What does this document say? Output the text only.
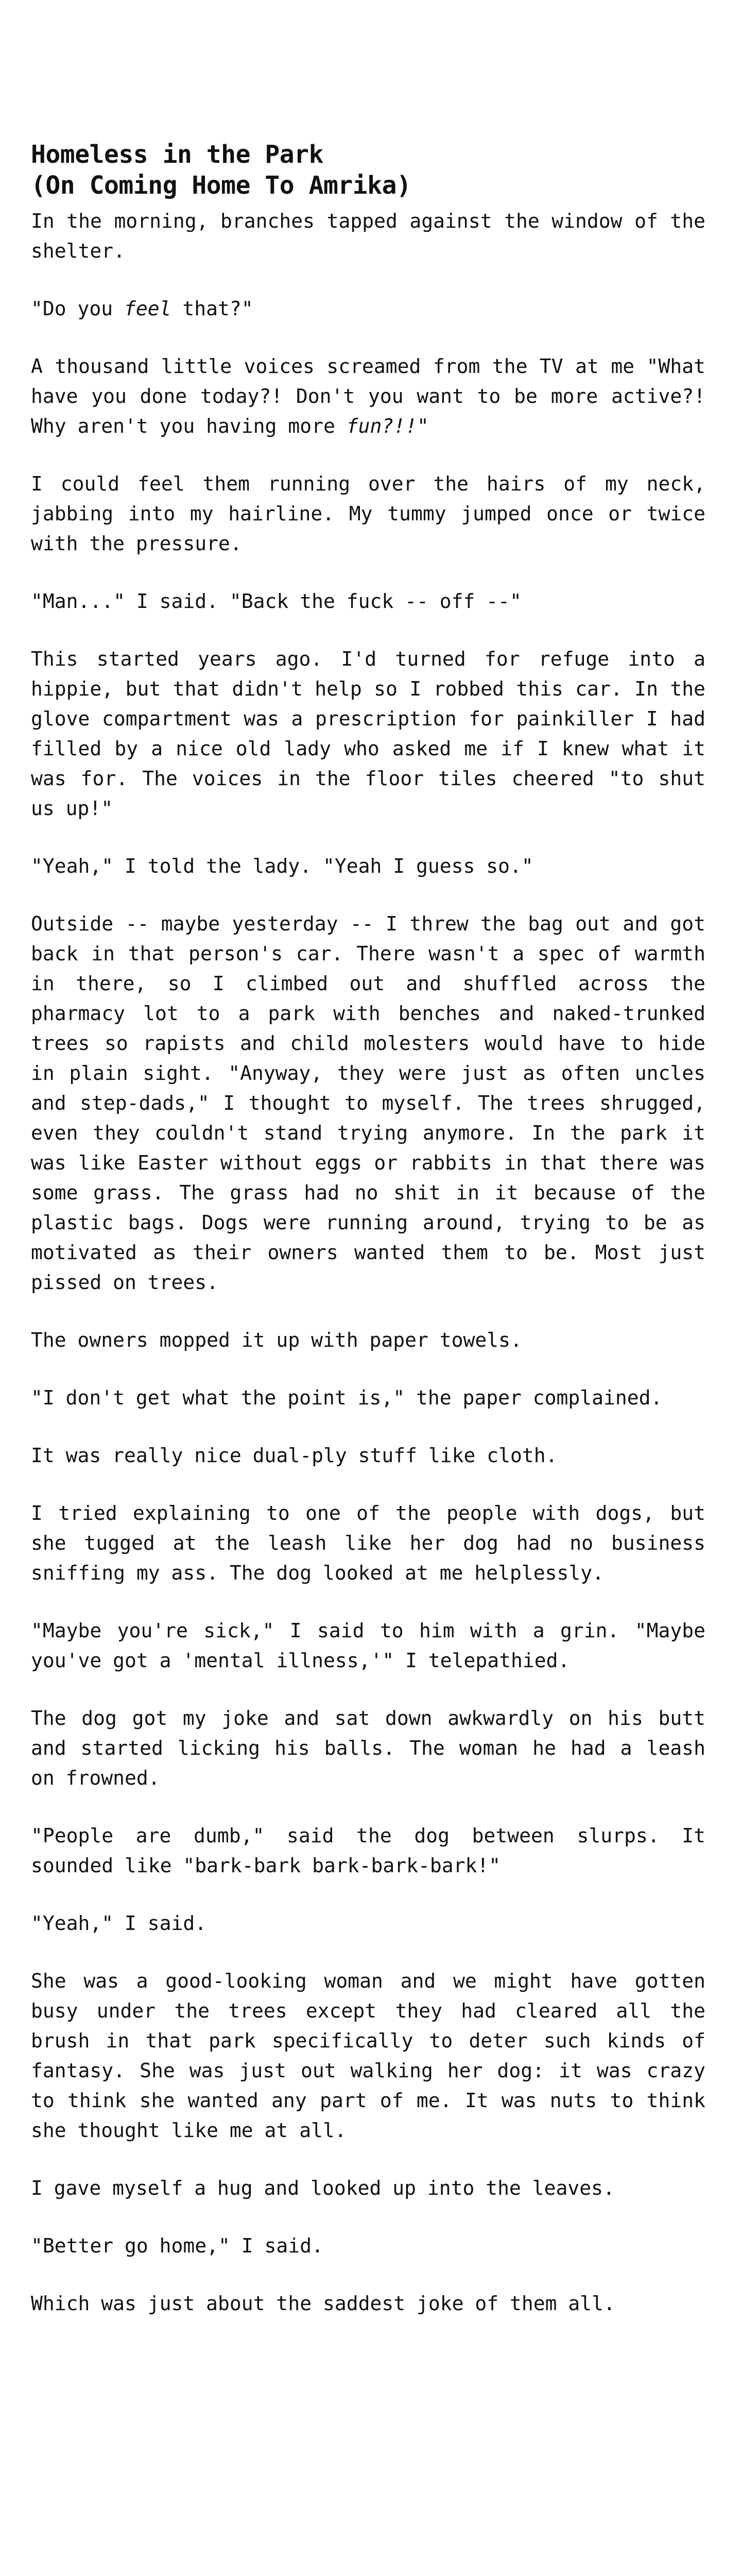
Homeless in the Park
(On Coming Home To Amrika)

In the morning, branches tapped against the window of the shelter.

"Do you feel that?"

A thousand little voices screamed from the TV at me "What have you done today?! Don't you want to be more active?! Why aren't you having more fun?!!"

I could feel them running over the hairs of my neck, jabbing into my hairline. My tummy jumped once or twice with the pressure.

"Man..." I said. "Back the fuck -- off --"

This started years ago. I'd turned for refuge into a hippie, but that didn't help so I robbed this car. In the glove compartment was a prescription for painkiller I had filled by a nice old lady who asked me if I knew what it was for. The voices in the floor tiles cheered "to shut us up!"

"Yeah," I told the lady. "Yeah I guess so."

Outside -- maybe yesterday -- I threw the bag out and got back in that person's car. There wasn't a spec of warmth in there, so I climbed out and shuffled across the pharmacy lot to a park with benches and naked-trunked trees so rapists and child molesters would have to hide in plain sight. "Anyway, they were just as often uncles and step-dads," I thought to myself. The trees shrugged, even they couldn't stand trying anymore. In the park it was like Easter without eggs or rabbits in that there was some grass. The grass had no shit in it because of the plastic bags. Dogs were running around, trying to be as motivated as their owners wanted them to be. Most just pissed on trees.

The owners mopped it up with paper towels.

"I don't get what the point is," the paper complained.

It was really nice dual-ply stuff like cloth.

I tried explaining to one of the people with dogs, but she tugged at the leash like her dog had no business sniffing my ass. The dog looked at me helplessly.

"Maybe you're sick," I said to him with a grin. "Maybe you've got a 'mental illness,'" I telepathied.

The dog got my joke and sat down awkwardly on his butt and started licking his balls. The woman he had a leash on frowned.

"People are dumb," said the dog between slurps. It sounded like "bark-bark bark-bark-bark!"

"Yeah," I said.

She was a good-looking woman and we might have gotten busy under the trees except they had cleared all the brush in that park specifically to deter such kinds of fantasy. She was just out walking her dog: it was crazy to think she wanted any part of me. It was nuts to think she thought like me at all.

I gave myself a hug and looked up into the leaves.

"Better go home," I said.

Which was just about the saddest joke of them all.
